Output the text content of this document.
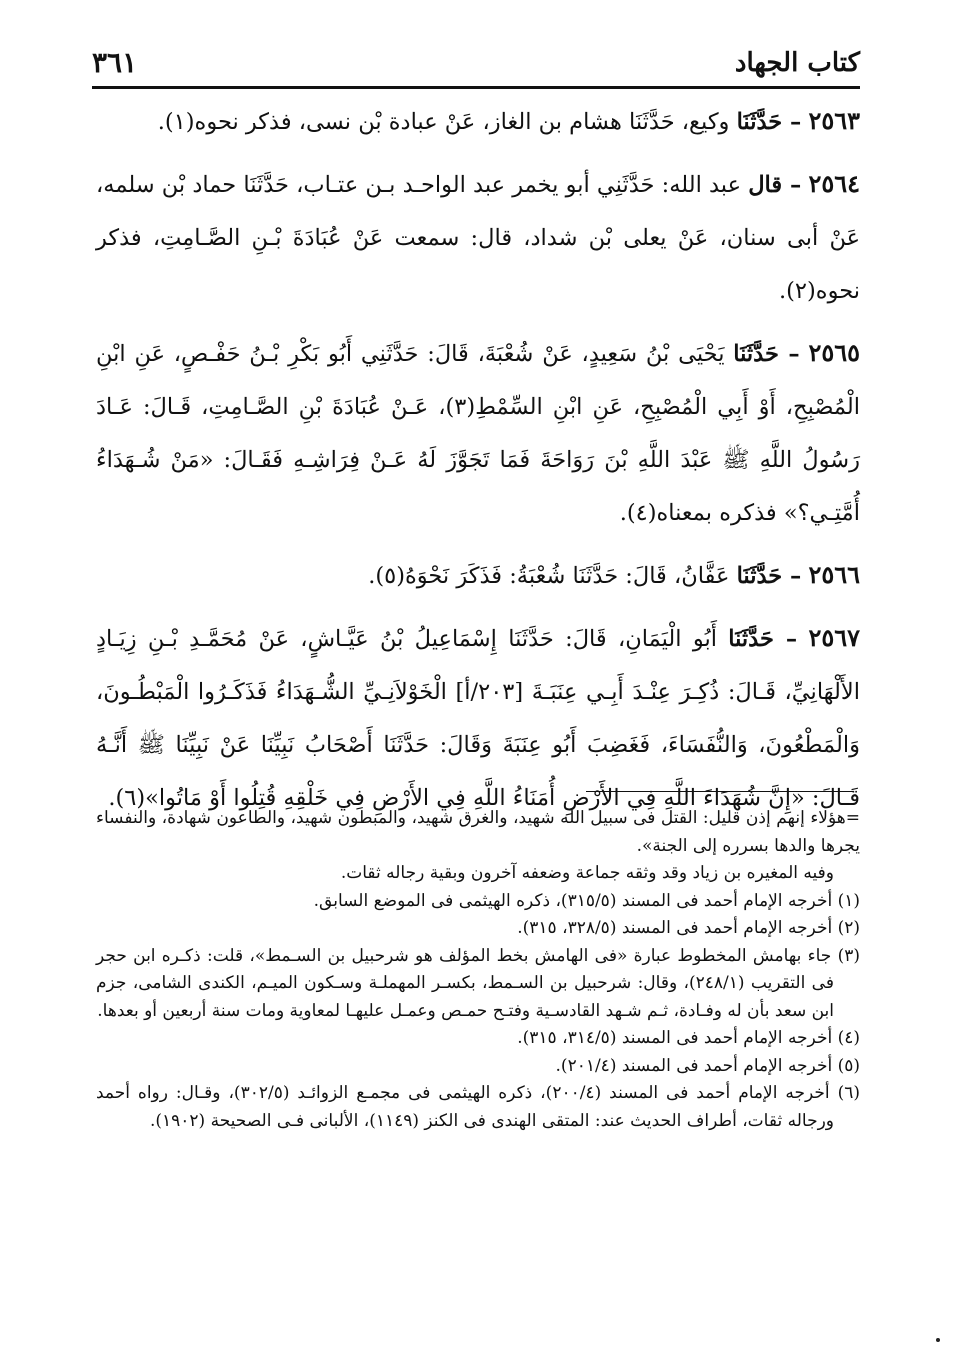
كتاب الجهاد
٣٦١

٢٥٦٣ – حَدَّثَنَا وكيع، حَدَّثَنَا هشام بن الغاز، عَنْ عبادة بْن نسى، فذكر نحوه(١).

٢٥٦٤ – قال عبد الله: حَدَّثَنِي أبو يخمر عبد الواحـد بـن عتـاب، حَدَّثَنَا حماد بْن سلمه، عَنْ أبى سنان، عَنْ يعلى بْن شداد، قال: سمعت عَنْ عُبَادَةَ بْـنِ الصَّـامِتِ، فذكر نحوه(٢).

٢٥٦٥ – حَدَّثَنَا يَحْيَى بْنُ سَعِيدٍ، عَنْ شُعْبَةَ، قَالَ: حَدَّثَنِي أَبُو بَكْرِ بْـنُ حَفْـصٍ، عَنِ ابْنِ الْمُصْبِحِ، أَوْ أَبِي الْمُصْبِحِ، عَنِ ابْنِ السِّمْطِ(٣)، عَـنْ عُبَادَةَ بْنِ الصَّـامِتِ، قَـالَ: عَـادَ رَسُولُ اللَّهِ ﷺ عَبْدَ اللَّهِ بْنَ رَوَاحَةَ فَمَا تَجَوَّزَ لَهُ عَـنْ فِرَاشِـهِ فَقَـالَ: «مَنْ شُـهَدَاءُ أُمَّتِـي؟» فذكره بمعناه(٤).

٢٥٦٦ – حَدَّثَنَا عَفَّانُ، قَالَ: حَدَّثَنَا شُعْبَةُ: فَذَكَرَ نَحْوَهُ(٥).

٢٥٦٧ – حَدَّثَنَا أَبُو الْيَمَانِ، قَالَ: حَدَّثَنَا إِسْمَاعِيلُ بْنُ عَيَّـاشٍ، عَنْ مُحَمَّـدِ بْـنِ زِيَـادٍ الأَلْهَانِيِّ، قَـالَ: ذُكِـرَ عِنْـدَ أَبِـي عِنَبَـةَ [٢٠٣/أ] الْخَوْلاَنِـيِّ الشُّـهَدَاءُ فَذَكَـرُوا الْمَبْطُـونَ، وَالْمَطْعُونَ، وَالنُّفَسَاءَ، فَغَضِبَ أَبُو عِنَبَةَ وَقَالَ: حَدَّثَنَا أَصْحَابُ نَبِيِّنَا عَنْ نَبِيِّنَا ﷺ أَنَّـهُ قَـالَ: «إِنَّ شُهَدَاءَ اللَّهِ فِي الأَرْضِ أُمَنَاءُ اللَّهِ فِي الأَرْضِ فِي خَلْقِهِ قُتِلُوا أَوْ مَاتُوا»(٦).

=هؤلاء إنهم إذن قليل: القتل فى سبيل الله شهيد، والغرق شهيد، والمبطون شهيد، والطاعون شهادة، والنفساء يجرها والدها بسرره إلى الجنة».

وفيه المغيره بن زياد وقد وثقه جماعة وضعفه آخرون وبقية رجاله ثقات.

(١) أخرجه الإمام أحمد فى المسند (٣١٥/٥)، ذكره الهيثمى فى الموضع السابق.

(٢) أخرجه الإمام أحمد فى المسند (٣٢٨/٥، ٣١٥).

(٣) جاء بهامش المخطوط عبارة «فى الهامش بخط المؤلف هو شرحبيل بن السـمط»، قلت: ذكـره ابن حجر فى التقريب (٢٤٨/١)، وقال: شرحبيل بن السـمط، بكسـر المهملـة وسـكون الميـم، الكندى الشامى، جزم ابن سعد بأن له وفـادة، ثـم شـهد القادسـية وفتـح حمـص وعمـل عليهـا لمعاوية ومات سنة أربعين أو بعدها.

(٤) أخرجه الإمام أحمد فى المسند (٣١٤/٥، ٣١٥).

(٥) أخرجه الإمام أحمد فى المسند (٢٠١/٤).

(٦) أخرجه الإمام أحمد فى المسند (٢٠٠/٤)، ذكره الهيثمى فى مجمـع الزوائـد (٣٠٢/٥)، وقـال: رواه أحمد ورجاله ثقات، أطراف الحديث عند: المتقى الهندى فى الكنز (١١٤٩)، الألبانى فـى الصحيحة (١٩٠٢).
